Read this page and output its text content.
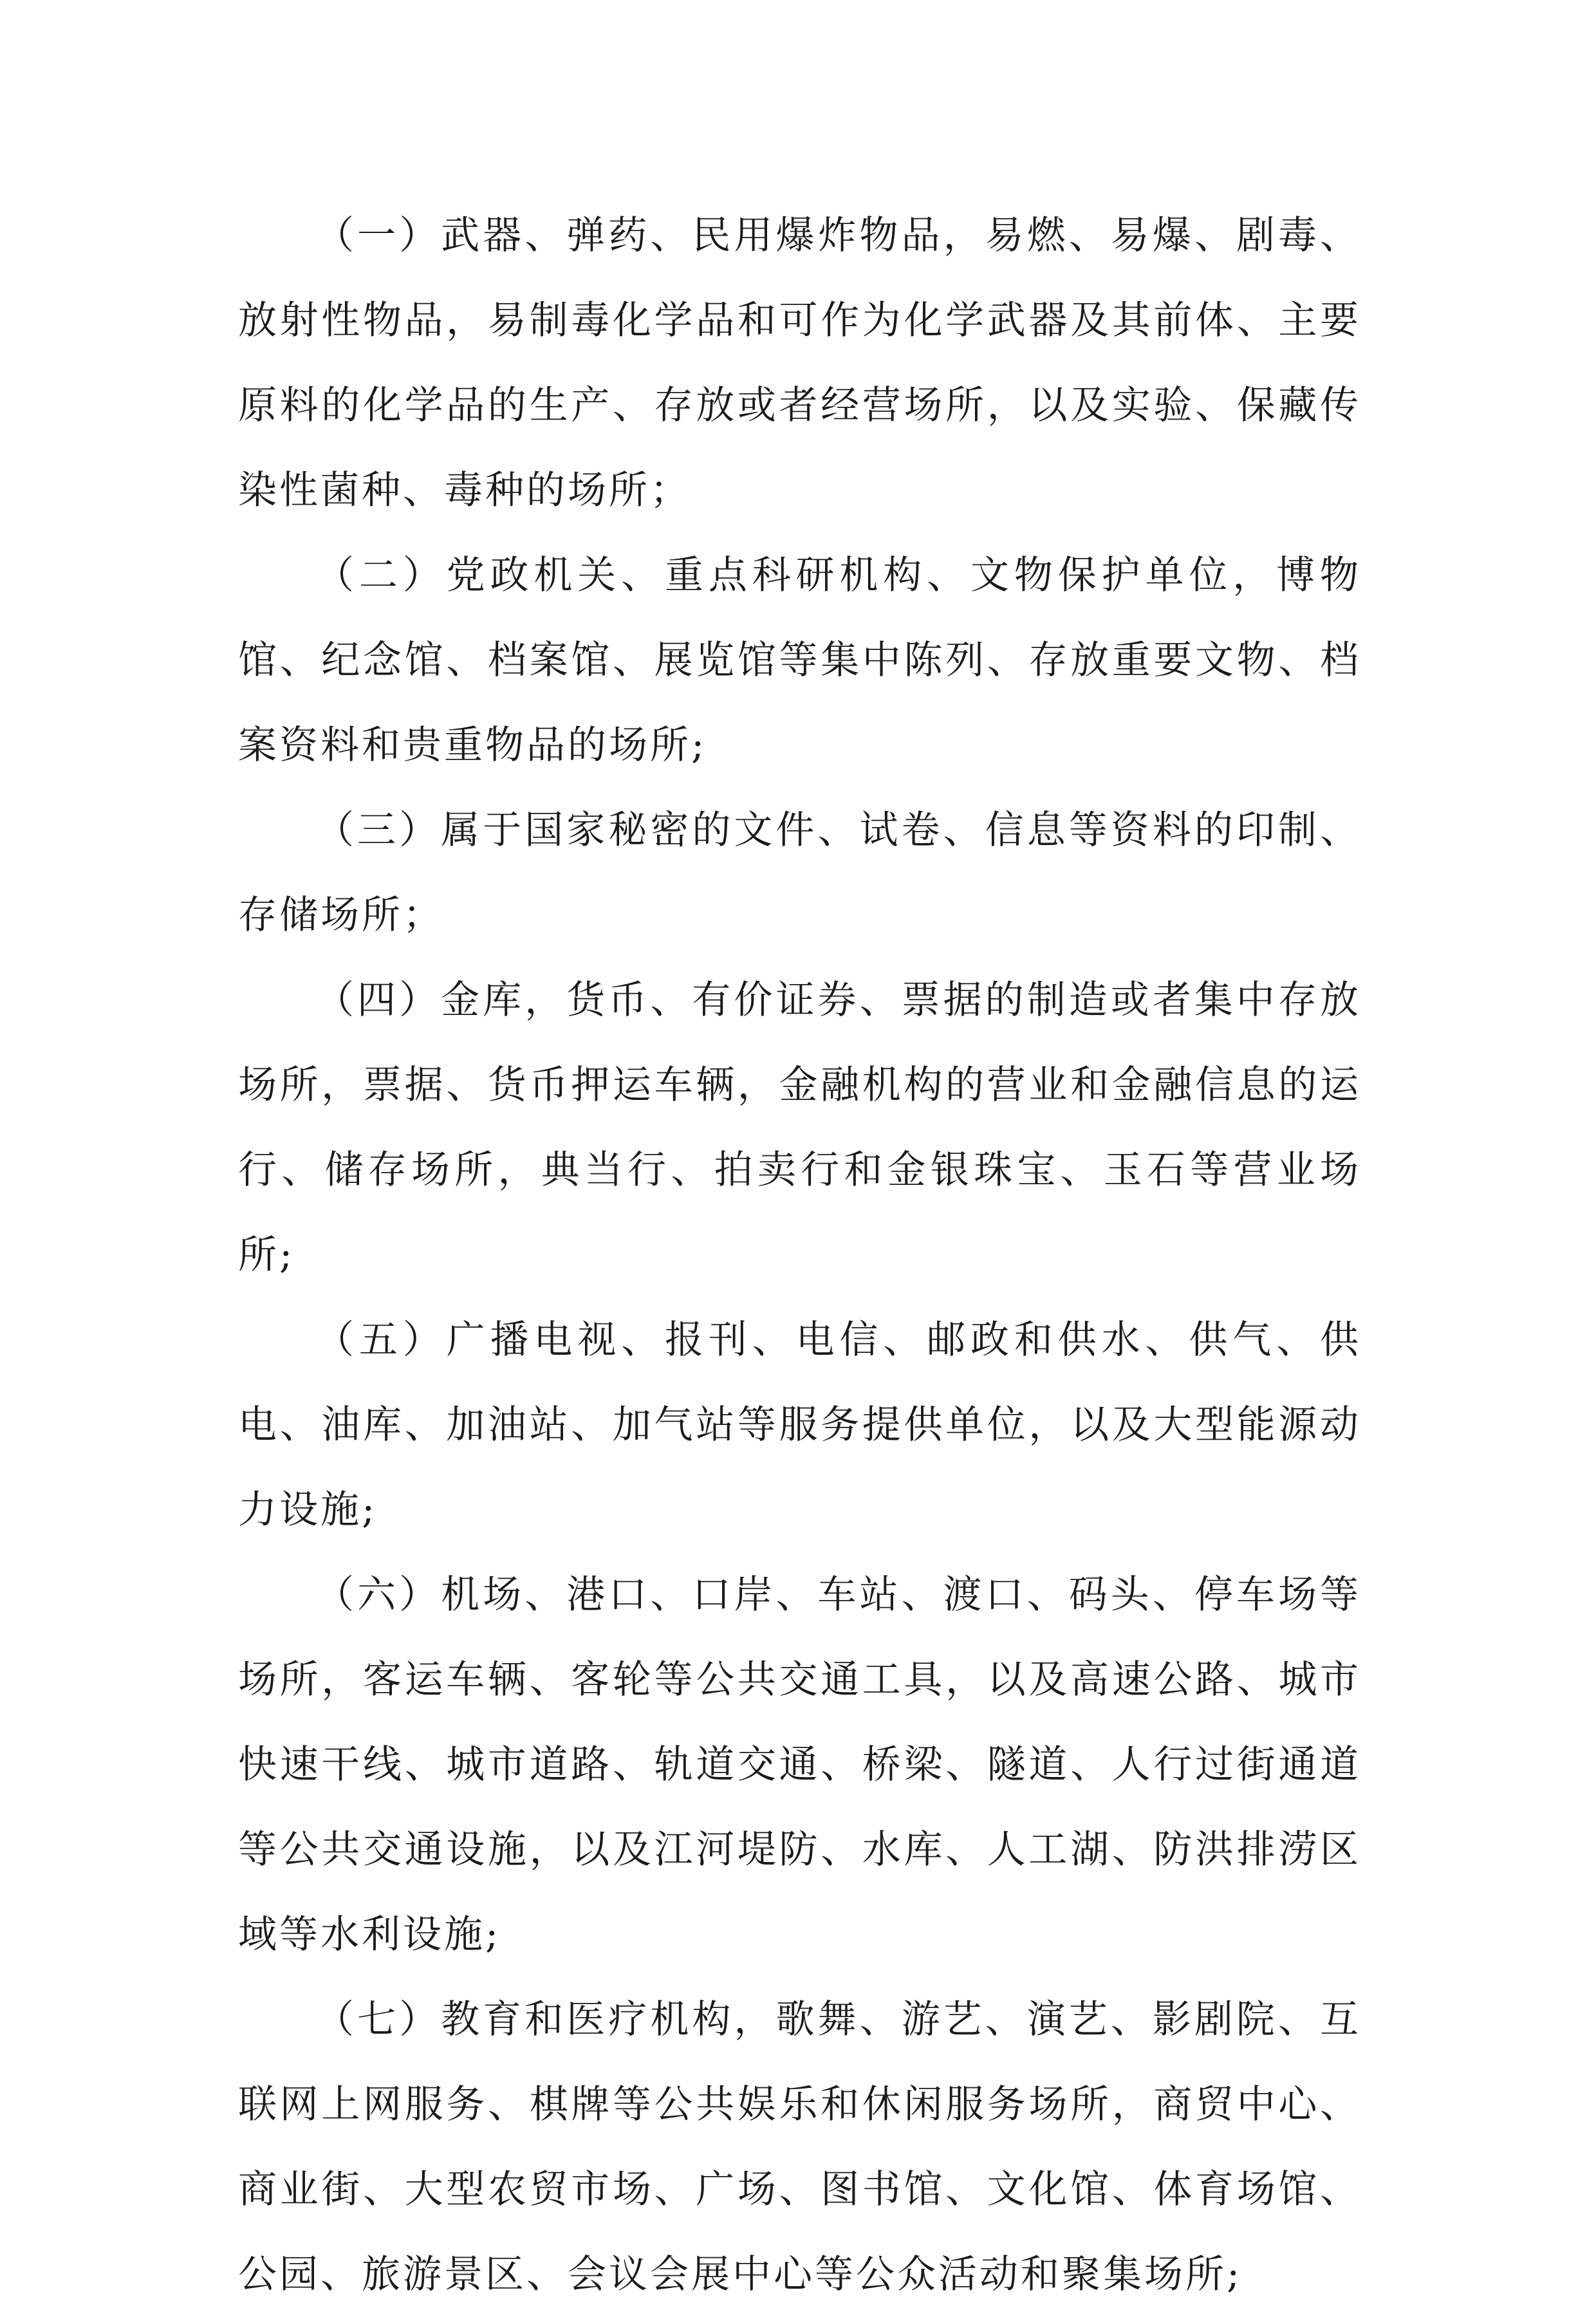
（一）武器、弹药、民用爆炸物品，易燃、易爆、剧毒、放射性物品，易制毒化学品和可作为化学武器及其前体、主要原料的化学品的生产、存放或者经营场所，以及实验、保藏传染性菌种、毒种的场所；

（二）党政机关、重点科研机构、文物保护单位，博物馆、纪念馆、档案馆、展览馆等集中陈列、存放重要文物、档案资料和贵重物品的场所;

（三）属于国家秘密的文件、试卷、信息等资料的印制、存储场所；

（四）金库，货币、有价证券、票据的制造或者集中存放场所，票据、货币押运车辆，金融机构的营业和金融信息的运行、储存场所，典当行、拍卖行和金银珠宝、玉石等营业场所;

（五）广播电视、报刊、电信、邮政和供水、供气、供电、油库、加油站、加气站等服务提供单位，以及大型能源动力设施;

（六）机场、港口、口岸、车站、渡口、码头、停车场等场所，客运车辆、客轮等公共交通工具，以及高速公路、城市快速干线、城市道路、轨道交通、桥梁、隧道、人行过街通道等公共交通设施，以及江河堤防、水库、人工湖、防洪排涝区域等水利设施;

（七）教育和医疗机构，歌舞、游艺、演艺、影剧院、互联网上网服务、棋牌等公共娱乐和休闲服务场所，商贸中心、商业街、大型农贸市场、广场、图书馆、文化馆、体育场馆、公园、旅游景区、会议会展中心等公众活动和聚集场所;
